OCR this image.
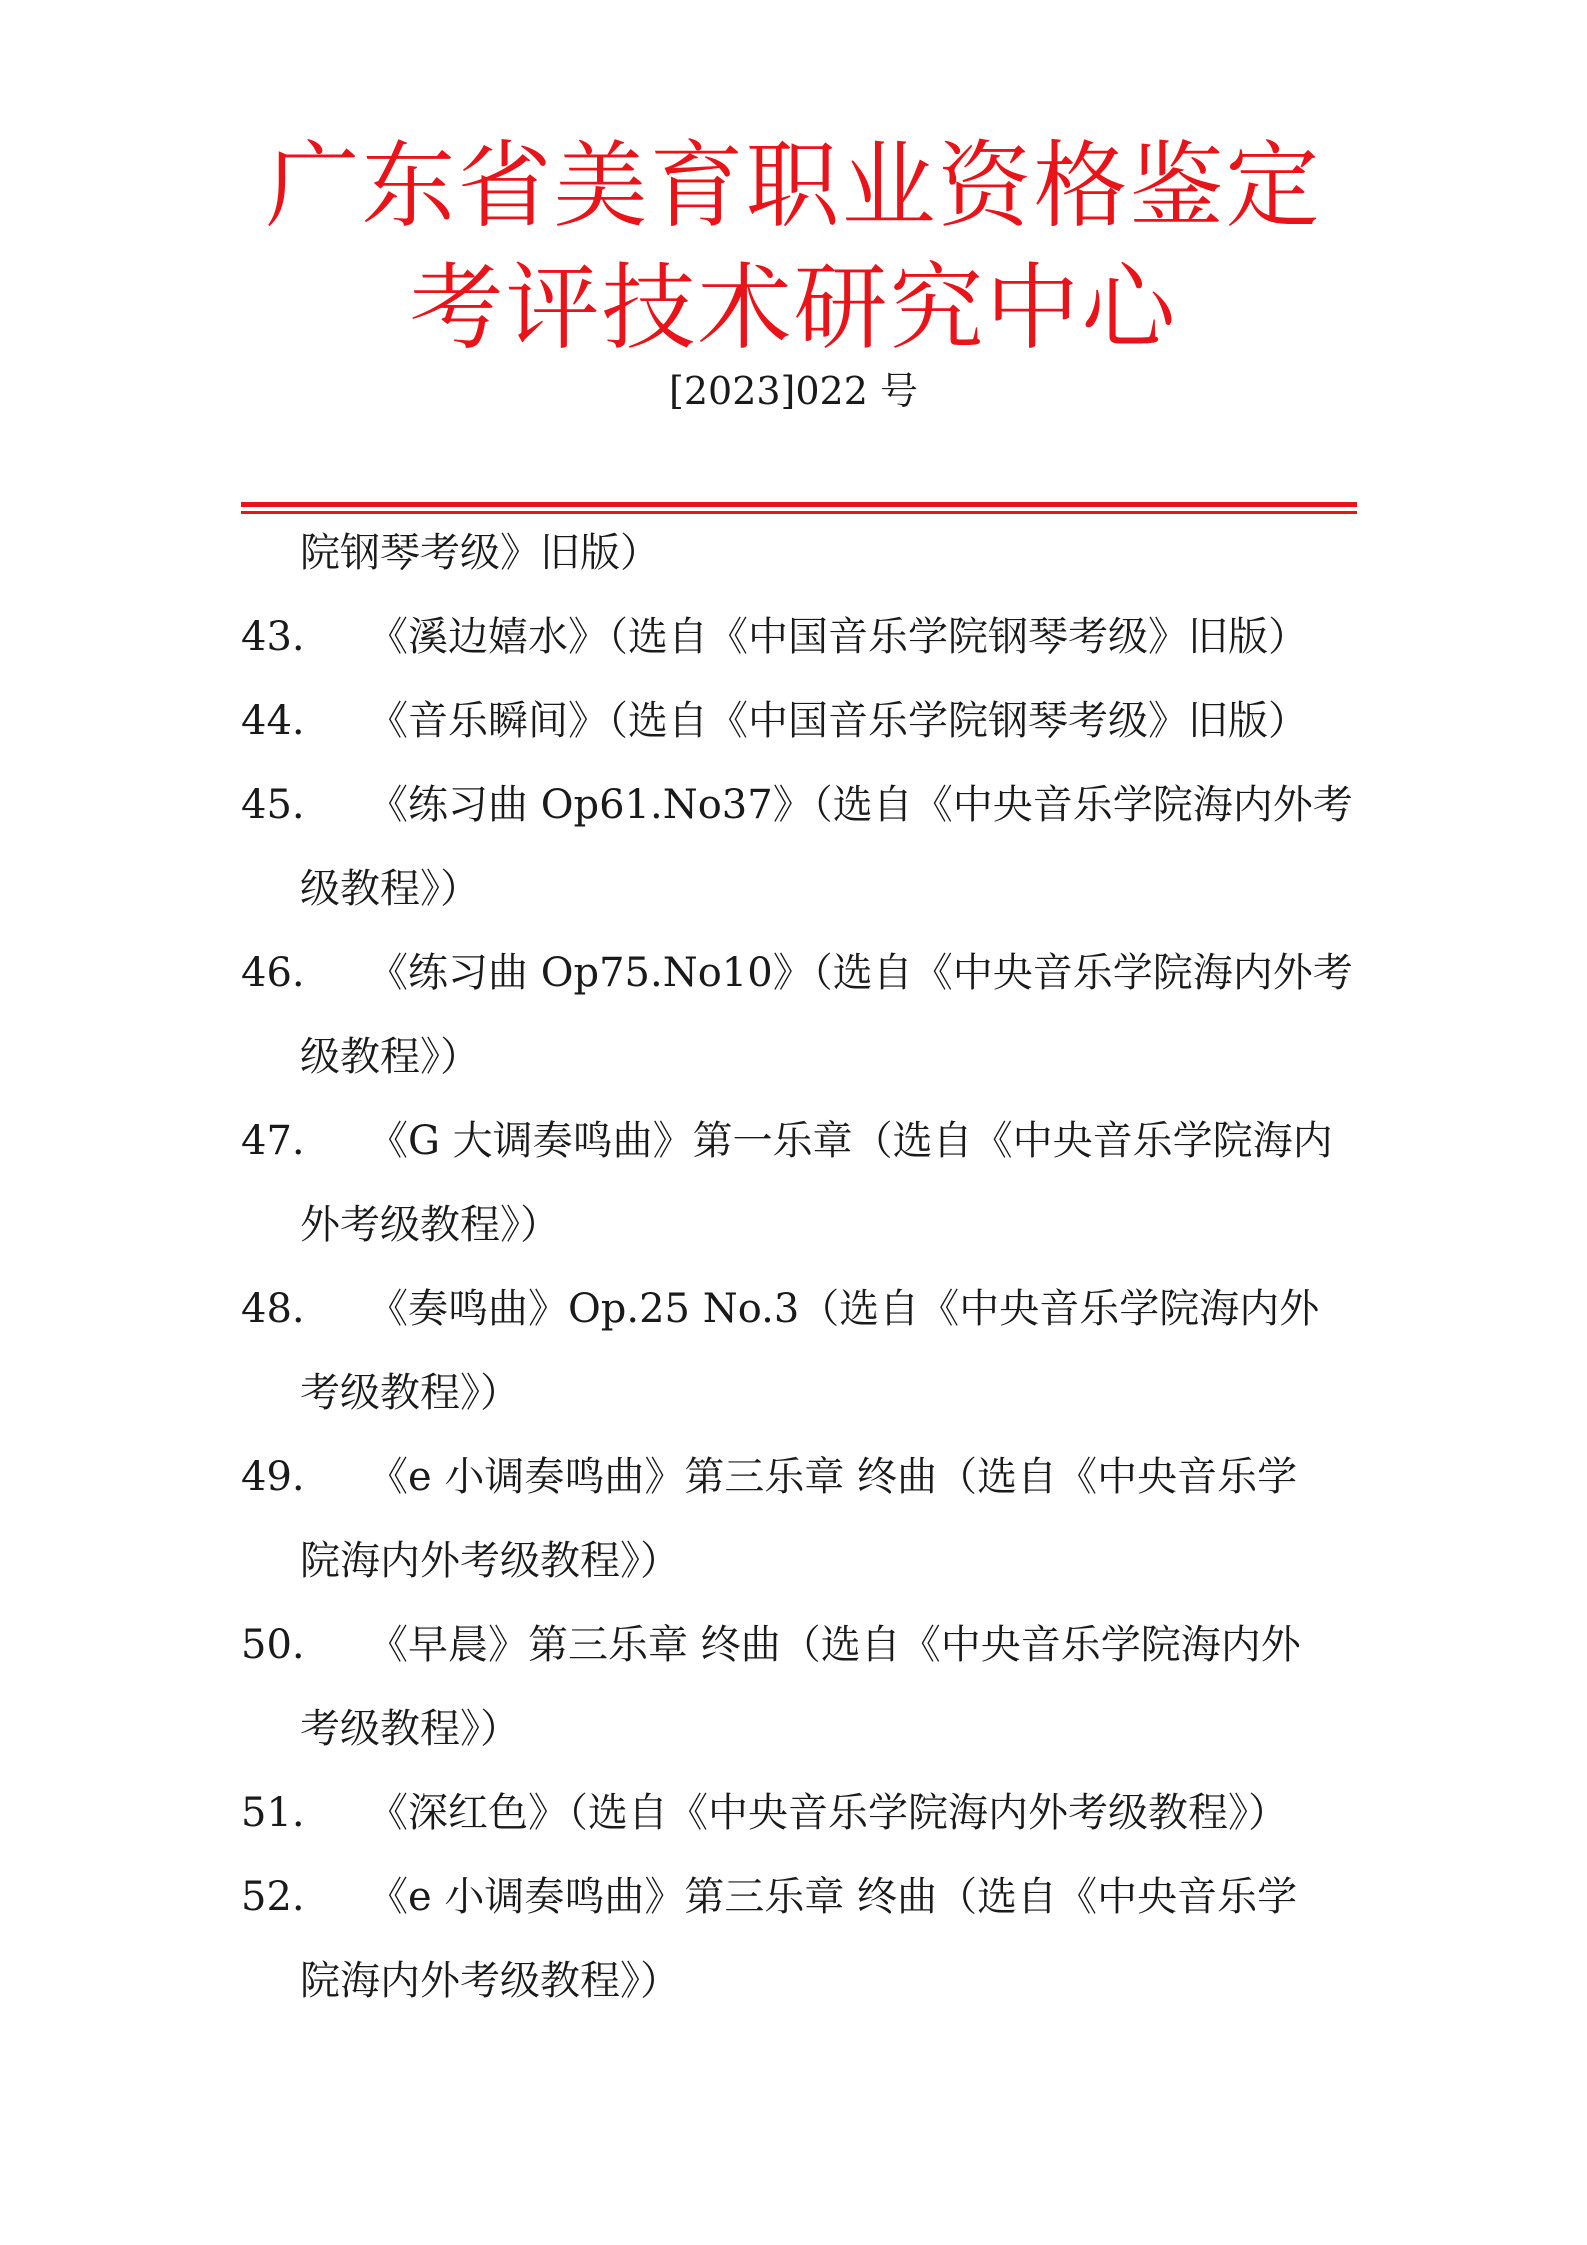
广东省美育职业资格鉴定
考评技术研究中心
[2023]022 号
院钢琴考级》旧版）
43. 《溪边嬉水》（选自《中国音乐学院钢琴考级》旧版）
44. 《音乐瞬间》（选自《中国音乐学院钢琴考级》旧版）
45. 《练习曲 Op61.No37》（选自《中央音乐学院海内外考
级教程》）
46. 《练习曲 Op75.No10》（选自《中央音乐学院海内外考
级教程》）
47. 《G 大调奏鸣曲》第一乐章（选自《中央音乐学院海内
外考级教程》）
48. 《奏鸣曲》Op.25 No.3（选自《中央音乐学院海内外
考级教程》）
49. 《e 小调奏鸣曲》第三乐章 终曲（选自《中央音乐学
院海内外考级教程》）
50. 《早晨》第三乐章 终曲（选自《中央音乐学院海内外
考级教程》）
51. 《深红色》（选自《中央音乐学院海内外考级教程》）
52. 《e 小调奏鸣曲》第三乐章 终曲（选自《中央音乐学
院海内外考级教程》）
